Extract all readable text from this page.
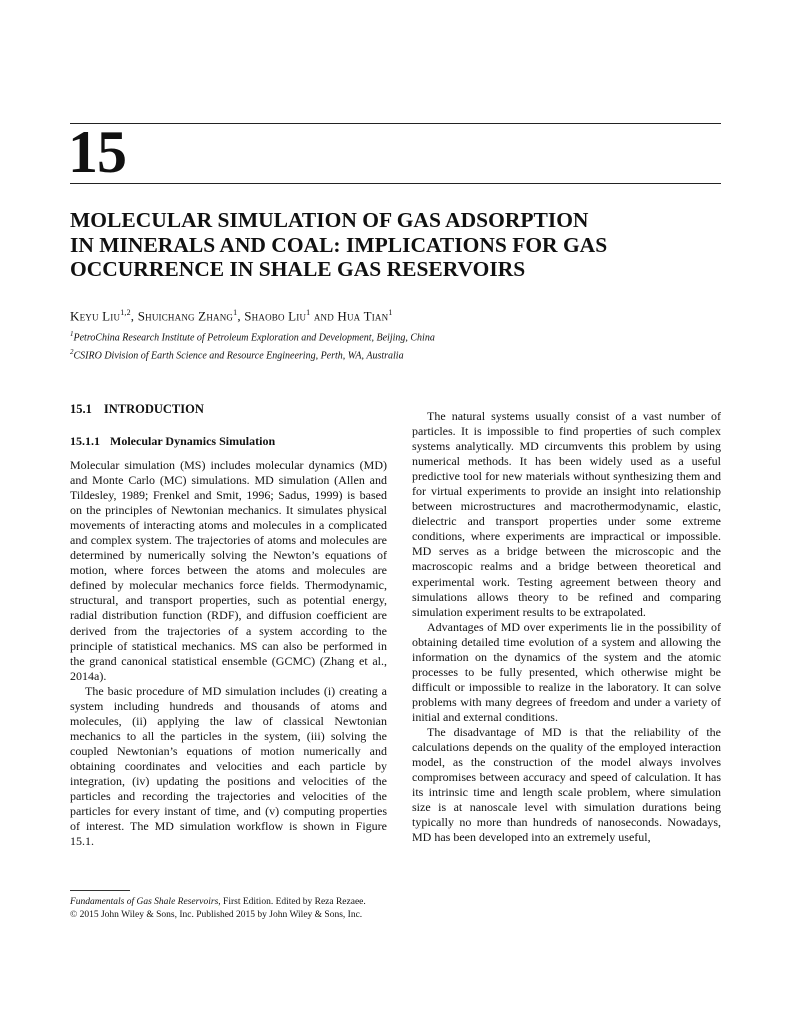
15
MOLECULAR SIMULATION OF GAS ADSORPTION
IN MINERALS AND COAL: IMPLICATIONS FOR GAS
OCCURRENCE IN SHALE GAS RESERVOIRS
Keyu Liu$^{1,2}$, Shuichang Zhang$^1$, Shaobo Liu$^1$ and Hua Tian$^1$
$^1$PetroChina Research Institute of Petroleum Exploration and Development, Beijing, China
$^2$CSIRO Division of Earth Science and Resource Engineering, Perth, WA, Australia
15.1 INTRODUCTION
15.1.1 Molecular Dynamics Simulation

Molecular simulation (MS) includes molecular dynamics (MD) and Monte Carlo (MC) simulations. MD simulation (Allen and Tildesley, 1989; Frenkel and Smit, 1996; Sadus, 1999) is based on the principles of Newtonian mechanics. It simulates physical movements of interacting atoms and molecules in a complicated and complex system. The trajectories of atoms and molecules are determined by numerically solving the Newton’s equations of motion, where forces between the atoms and molecules are defined by molecular mechanics force fields. Thermodynamic, structural, and transport properties, such as potential energy, radial distribution function (RDF), and diffusion coefficient are derived from the trajectories of a system according to the principle of statistical mechanics. MS can also be performed in the grand canonical statistical ensemble (GCMC) (Zhang et al., 2014a).

The basic procedure of MD simulation includes (i) creating a system including hundreds and thousands of atoms and molecules, (ii) applying the law of classical Newtonian mechanics to all the particles in the system, (iii) solving the coupled Newtonian’s equations of motion numerically and obtaining coordinates and velocities and each particle by integration, (iv) updating the positions and velocities of the particles and recording the trajectories and velocities of the particles for every instant of time, and (v) computing properties of interest. The MD simulation workflow is shown in Figure 15.1.

The natural systems usually consist of a vast number of particles. It is impossible to find properties of such complex systems analytically. MD circumvents this problem by using numerical methods. It has been widely used as a useful predictive tool for new materials without synthesizing them and for virtual experiments to provide an insight into relationship between microstructures and macrothermodynamic, elastic, dielectric and transport properties under some extreme conditions, where experiments are impractical or impossible. MD serves as a bridge between the microscopic and the macroscopic realms and a bridge between theoretical and experimental work. Testing agreement between theory and simulations allows theory to be refined and comparing simulation experiment results to be extrapolated.

Advantages of MD over experiments lie in the possibility of obtaining detailed time evolution of a system and allowing the information on the dynamics of the system and the atomic processes to be fully presented, which otherwise might be difficult or impossible to realize in the laboratory. It can solve problems with many degrees of freedom and under a variety of initial and external conditions.

The disadvantage of MD is that the reliability of the calculations depends on the quality of the employed interaction model, as the construction of the model always involves compromises between accuracy and speed of calculation. It has its intrinsic time and length scale problem, where simulation size is at nanoscale level with simulation durations being typically no more than hundreds of nanoseconds. Nowadays, MD has been developed into an extremely useful,

Fundamentals of Gas Shale Reservoirs, First Edition. Edited by Reza Rezaee.
© 2015 John Wiley & Sons, Inc. Published 2015 by John Wiley & Sons, Inc.
